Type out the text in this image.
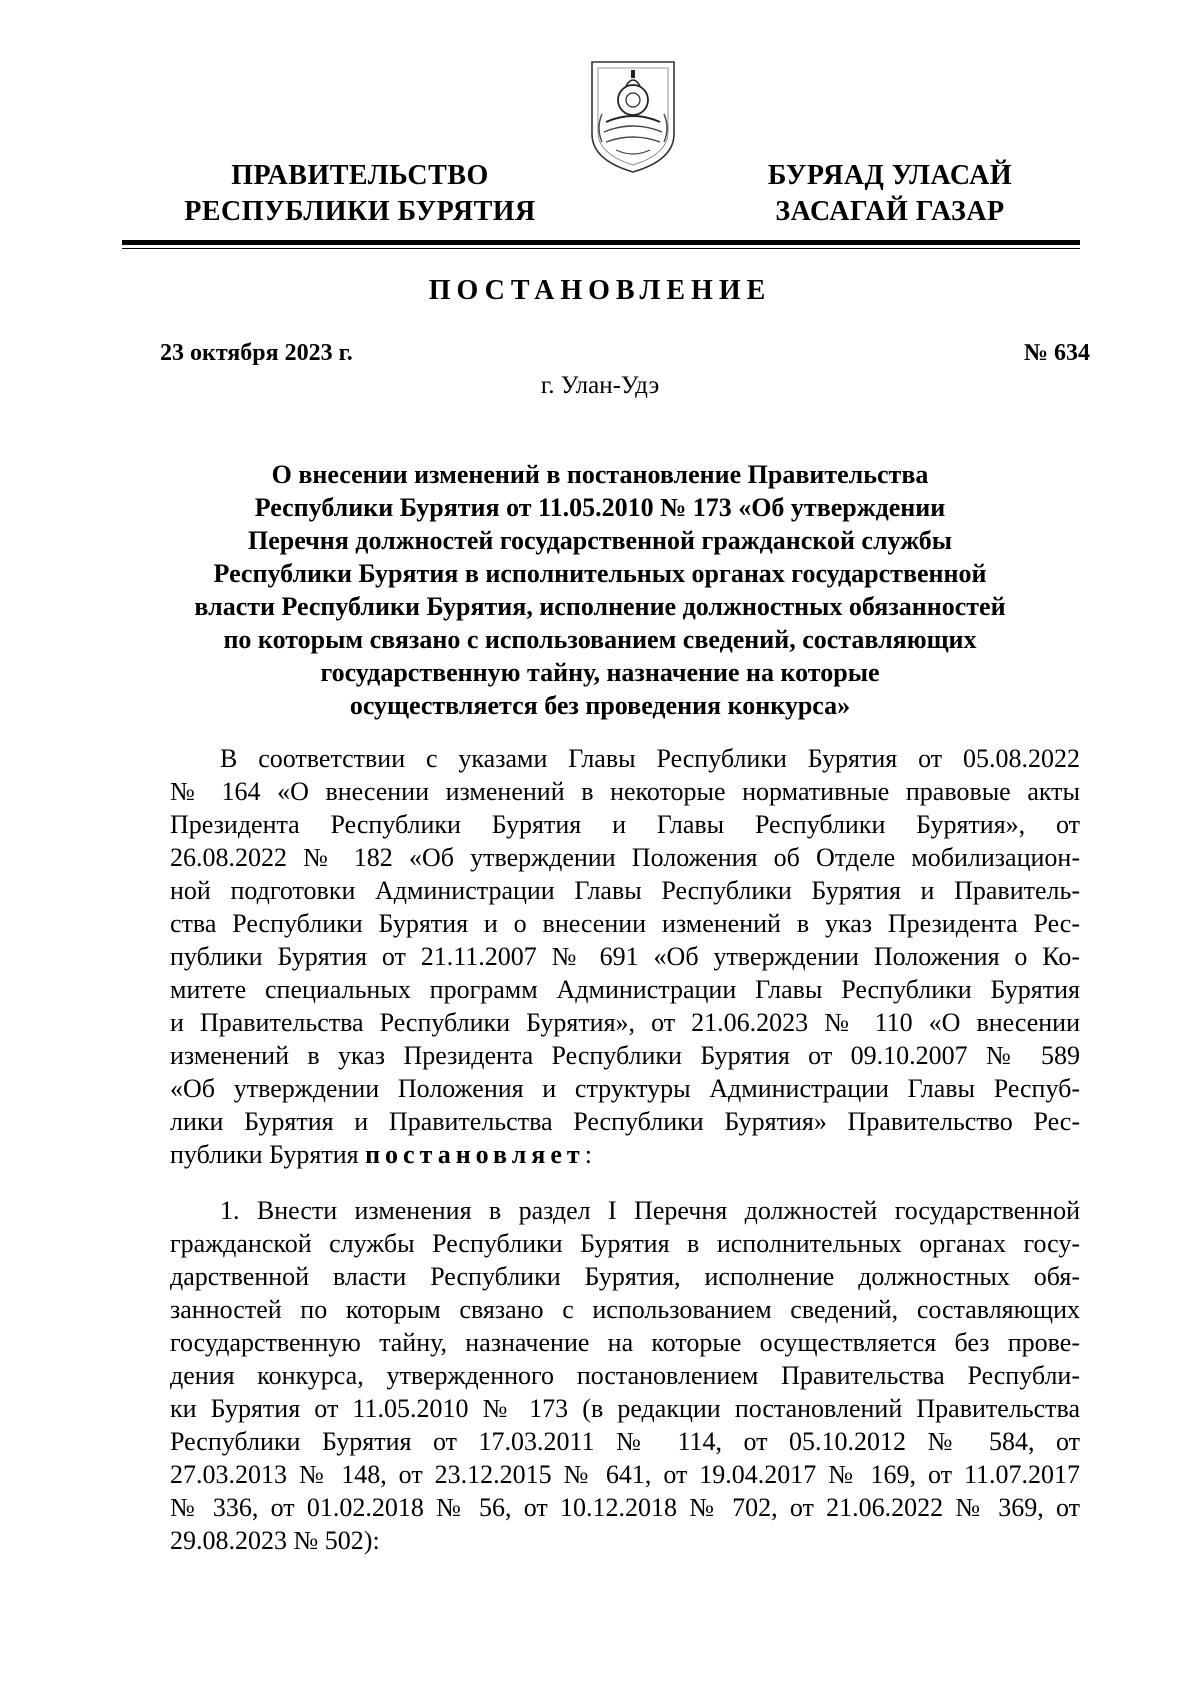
ПРАВИТЕЛЬСТВО
РЕСПУБЛИКИ БУРЯТИЯ
БУРЯАД УЛАСАЙ
ЗАСАГАЙ ГАЗАР
ПОСТАНОВЛЕНИЕ
23 октября 2023 г.	№ 634
г. Улан-Удэ
О внесении изменений в постановление Правительства
Республики Бурятия от 11.05.2010 № 173 «Об утверждении
Перечня должностей государственной гражданской службы
Республики Бурятия в исполнительных органах государственной
власти Республики Бурятия, исполнение должностных обязанностей
по которым связано с использованием сведений, составляющих
государственную тайну, назначение на которые
осуществляется без проведения конкурса»
В соответствии с указами Главы Республики Бурятия от 05.08.2022
№ 164 «О внесении изменений в некоторые нормативные правовые акты
Президента Республики Бурятия и Главы Республики Бурятия», от
26.08.2022 № 182 «Об утверждении Положения об Отделе мобилизацион-
ной подготовки Администрации Главы Республики Бурятия и Правитель-
ства Республики Бурятия и о внесении изменений в указ Президента Рес-
публики Бурятия от 21.11.2007 № 691 «Об утверждении Положения о Ко-
митете специальных программ Администрации Главы Республики Бурятия
и Правительства Республики Бурятия», от 21.06.2023 № 110 «О внесении
изменений в указ Президента Республики Бурятия от 09.10.2007 № 589
«Об утверждении Положения и структуры Администрации Главы Респуб-
лики Бурятия и Правительства Республики Бурятия» Правительство Рес-
публики Бурятия постановляет:
1. Внести изменения в раздел I Перечня должностей государственной
гражданской службы Республики Бурятия в исполнительных органах госу-
дарственной власти Республики Бурятия, исполнение должностных обя-
занностей по которым связано с использованием сведений, составляющих
государственную тайну, назначение на которые осуществляется без прове-
дения конкурса, утвержденного постановлением Правительства Республи-
ки Бурятия от 11.05.2010 № 173 (в редакции постановлений Правительства
Республики Бурятия от 17.03.2011 № 114, от 05.10.2012 № 584, от
27.03.2013 № 148, от 23.12.2015 № 641, от 19.04.2017 № 169, от 11.07.2017
№ 336, от 01.02.2018 № 56, от 10.12.2018 № 702, от 21.06.2022 № 369, от
29.08.2023 № 502):
